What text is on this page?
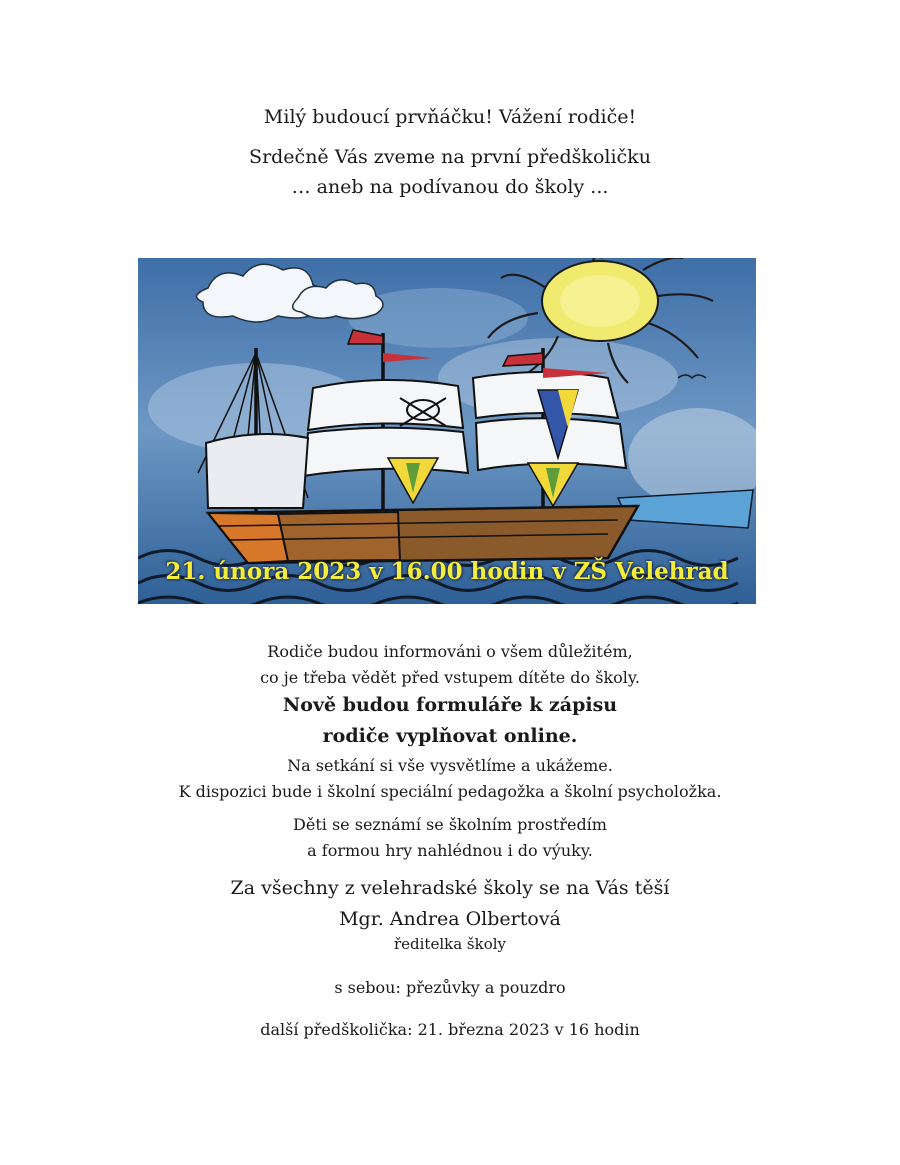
Milý budoucí prvňáčku! Vážení rodiče!
Srdečně Vás zveme na první předškoličku
… aneb na podívanou do školy ...
21. února 2023 v 16.00 hodin v ZŠ Velehrad
Rodiče budou informováni o všem důležitém,
co je třeba vědět před vstupem dítěte do školy.
Nově budou formuláře k zápisu
rodiče vyplňovat online.
Na setkání si vše vysvětlíme a ukážeme.
K dispozici bude i školní speciální pedagožka a školní psycholožka.
Děti se seznámí se školním prostředím
a formou hry nahlédnou i do výuky.
Za všechny z velehradské školy se na Vás těší
Mgr. Andrea Olbertová
ředitelka školy
s sebou: přezůvky a pouzdro
další předškolička: 21. března 2023 v 16 hodin
